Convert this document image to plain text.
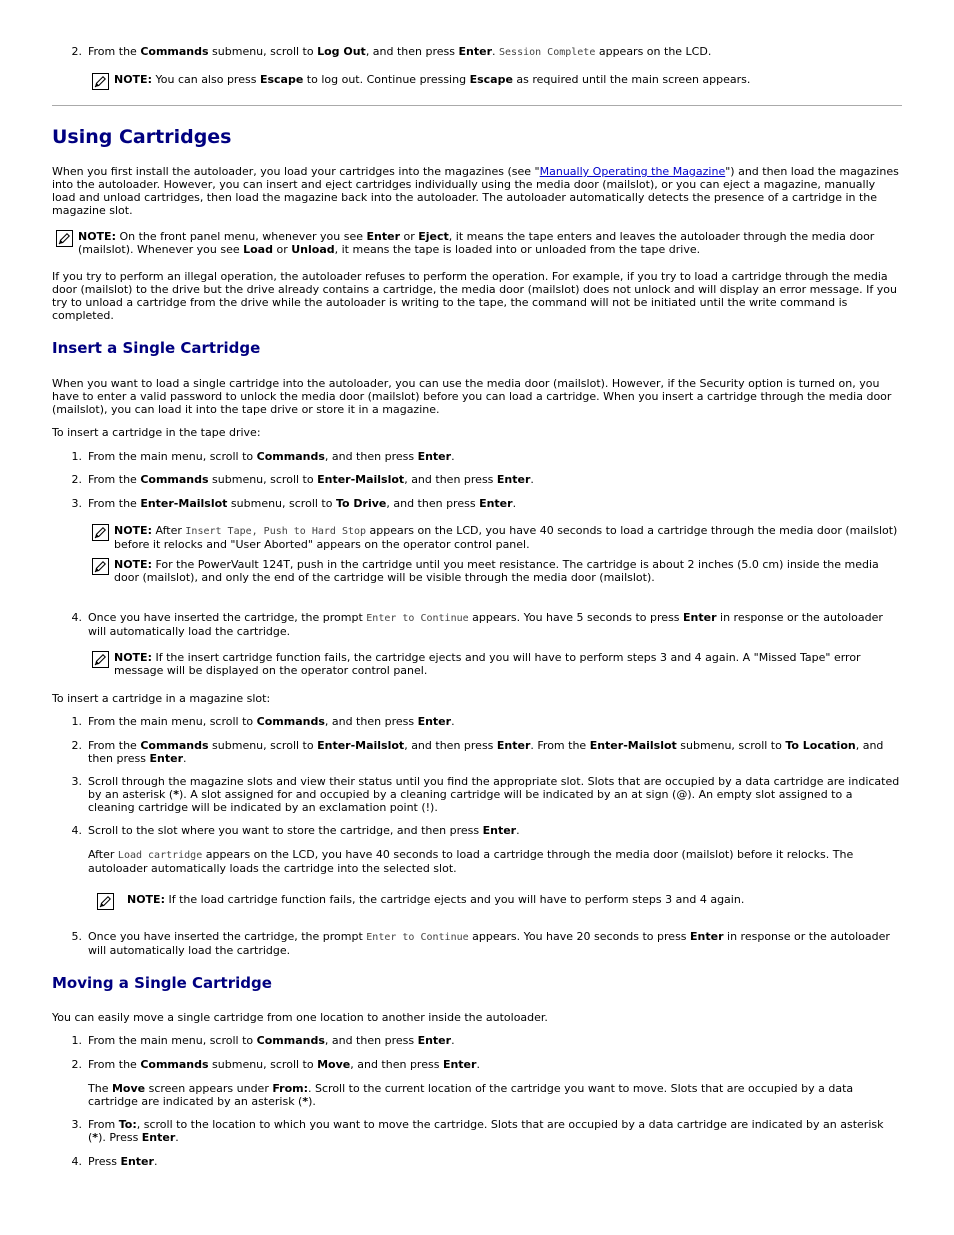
2. From the Commands submenu, scroll to Log Out, and then press Enter. Session Complete appears on the LCD.

NOTE: You can also press Escape to log out. Continue pressing Escape as required until the main screen appears.

Using Cartridges

When you first install the autoloader, you load your cartridges into the magazines (see "Manually Operating the Magazine") and then load the magazines into the autoloader. However, you can insert and eject cartridges individually using the media door (mailslot), or you can eject a magazine, manually load and unload cartridges, then load the magazine back into the autoloader. The autoloader automatically detects the presence of a cartridge in the magazine slot.

NOTE: On the front panel menu, whenever you see Enter or Eject, it means the tape enters and leaves the autoloader through the media door (mailslot). Whenever you see Load or Unload, it means the tape is loaded into or unloaded from the tape drive.

If you try to perform an illegal operation, the autoloader refuses to perform the operation. For example, if you try to load a cartridge through the media door (mailslot) to the drive but the drive already contains a cartridge, the media door (mailslot) does not unlock and will display an error message. If you try to unload a cartridge from the drive while the autoloader is writing to the tape, the command will not be initiated until the write command is completed.

Insert a Single Cartridge

When you want to load a single cartridge into the autoloader, you can use the media door (mailslot). However, if the Security option is turned on, you have to enter a valid password to unlock the media door (mailslot) before you can load a cartridge. When you insert a cartridge through the media door (mailslot), you can load it into the tape drive or store it in a magazine.

To insert a cartridge in the tape drive:

1. From the main menu, scroll to Commands, and then press Enter.

2. From the Commands submenu, scroll to Enter-Mailslot, and then press Enter.

3. From the Enter-Mailslot submenu, scroll to To Drive, and then press Enter.

NOTE: After Insert Tape, Push to Hard Stop appears on the LCD, you have 40 seconds to load a cartridge through the media door (mailslot) before it relocks and "User Aborted" appears on the operator control panel.

NOTE: For the PowerVault 124T, push in the cartridge until you meet resistance. The cartridge is about 2 inches (5.0 cm) inside the media door (mailslot), and only the end of the cartridge will be visible through the media door (mailslot).

4. Once you have inserted the cartridge, the prompt Enter to Continue appears. You have 5 seconds to press Enter in response or the autoloader will automatically load the cartridge.

NOTE: If the insert cartridge function fails, the cartridge ejects and you will have to perform steps 3 and 4 again. A "Missed Tape" error message will be displayed on the operator control panel.

To insert a cartridge in a magazine slot:

1. From the main menu, scroll to Commands, and then press Enter.

2. From the Commands submenu, scroll to Enter-Mailslot, and then press Enter. From the Enter-Mailslot submenu, scroll to To Location, and then press Enter.

3. Scroll through the magazine slots and view their status until you find the appropriate slot. Slots that are occupied by a data cartridge are indicated by an asterisk (*). A slot assigned for and occupied by a cleaning cartridge will be indicated by an at sign (@). An empty slot assigned to a cleaning cartridge will be indicated by an exclamation point (!).

4. Scroll to the slot where you want to store the cartridge, and then press Enter.

After Load cartridge appears on the LCD, you have 40 seconds to load a cartridge through the media door (mailslot) before it relocks. The autoloader automatically loads the cartridge into the selected slot.

NOTE: If the load cartridge function fails, the cartridge ejects and you will have to perform steps 3 and 4 again.

5. Once you have inserted the cartridge, the prompt Enter to Continue appears. You have 20 seconds to press Enter in response or the autoloader will automatically load the cartridge.

Moving a Single Cartridge

You can easily move a single cartridge from one location to another inside the autoloader.

1. From the main menu, scroll to Commands, and then press Enter.

2. From the Commands submenu, scroll to Move, and then press Enter.

The Move screen appears under From:. Scroll to the current location of the cartridge you want to move. Slots that are occupied by a data cartridge are indicated by an asterisk (*).

3. From To:, scroll to the location to which you want to move the cartridge. Slots that are occupied by a data cartridge are indicated by an asterisk (*). Press Enter.

4. Press Enter.
